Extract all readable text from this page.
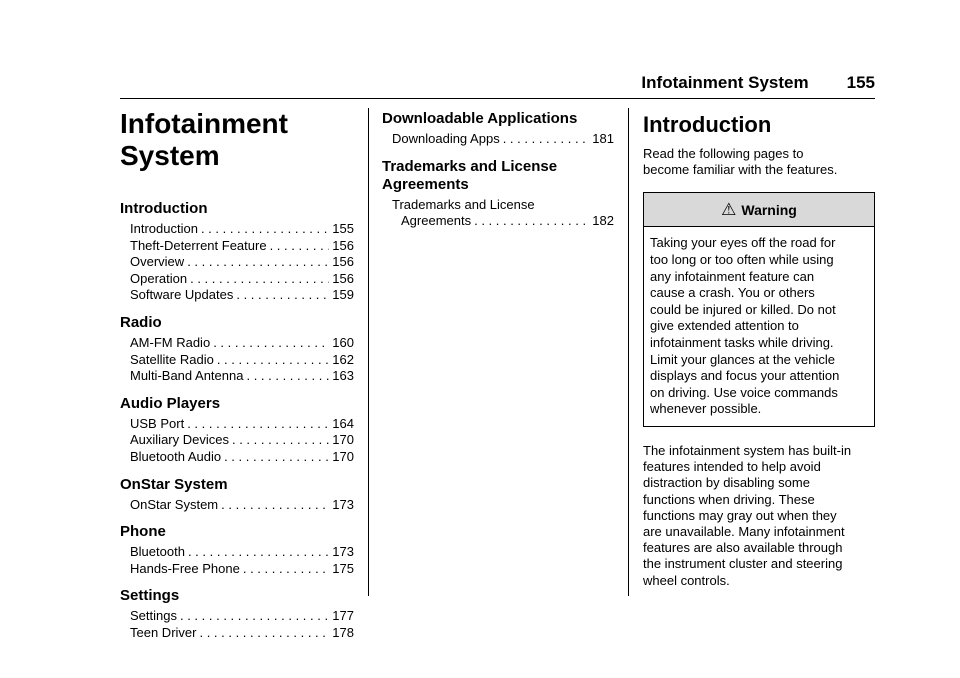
Infotainment System 155
Infotainment
System
Introduction
Introduction . . .	155
Theft-Deterrent Feature . . .	156
Overview . . .	156
Operation . . .	156
Software Updates . . .	159
Radio
AM-FM Radio . . .	160
Satellite Radio . . .	162
Multi-Band Antenna . . .	163
Audio Players
USB Port . . .	164
Auxiliary Devices . . .	170
Bluetooth Audio . . .	170
OnStar System
OnStar System . . .	173
Phone
Bluetooth . . .	173
Hands-Free Phone . . .	175
Settings
Settings . . .	177
Teen Driver . . .	178
Downloadable Applications
Downloading Apps . . .	181
Trademarks and License
Agreements
Trademarks and License
Agreements . . .	182
Introduction

Read the following pages to
become familiar with the features.

⚠ Warning
Taking your eyes off the road for
too long or too often while using
any infotainment feature can
cause a crash. You or others
could be injured or killed. Do not
give extended attention to
infotainment tasks while driving.
Limit your glances at the vehicle
displays and focus your attention
on driving. Use voice commands
whenever possible.

The infotainment system has built-in
features intended to help avoid
distraction by disabling some
functions when driving. These
functions may gray out when they
are unavailable. Many infotainment
features are also available through
the instrument cluster and steering
wheel controls.
